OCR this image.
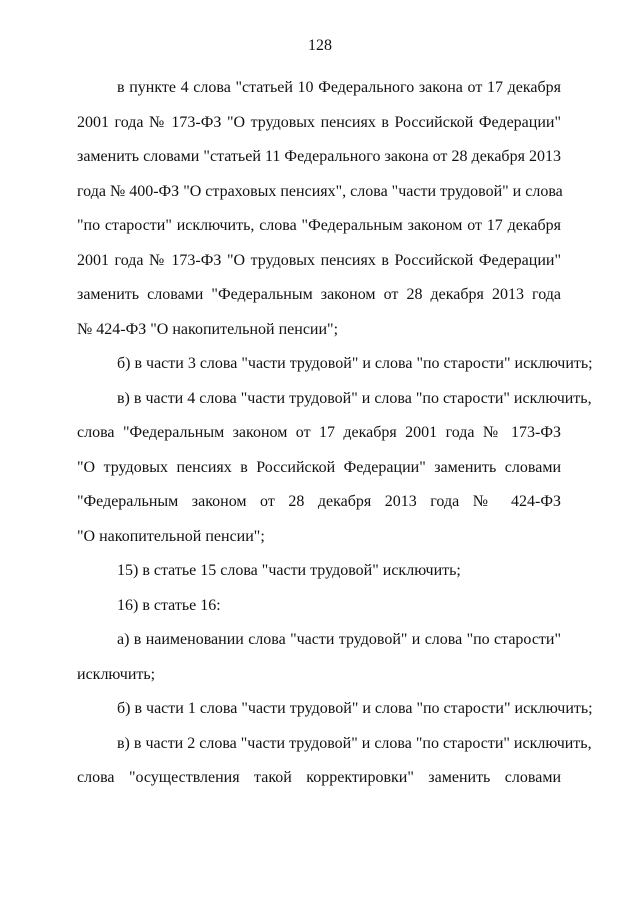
128
в пункте 4 слова "статьей 10 Федерального закона от 17 декабря
2001 года № 173-ФЗ "О трудовых пенсиях в Российской Федерации"
заменить словами "статьей 11 Федерального закона от 28 декабря 2013
года № 400-ФЗ "О страховых пенсиях", слова "части трудовой" и слова
"по старости" исключить, слова "Федеральным законом от 17 декабря
2001 года № 173-ФЗ "О трудовых пенсиях в Российской Федерации"
заменить словами "Федеральным законом от 28 декабря 2013 года
№ 424-ФЗ "О накопительной пенсии";
б) в части 3 слова "части трудовой" и слова "по старости" исключить;
в) в части 4 слова "части трудовой" и слова "по старости" исключить,
слова "Федеральным законом от 17 декабря 2001 года № 173-ФЗ
"О трудовых пенсиях в Российской Федерации" заменить словами
"Федеральным законом от 28 декабря 2013 года № 424-ФЗ
"О накопительной пенсии";
15) в статье 15 слова "части трудовой" исключить;
16) в статье 16:
а) в наименовании слова "части трудовой" и слова "по старости"
исключить;
б) в части 1 слова "части трудовой" и слова "по старости" исключить;
в) в части 2 слова "части трудовой" и слова "по старости" исключить,
слова "осуществления такой корректировки" заменить словами
